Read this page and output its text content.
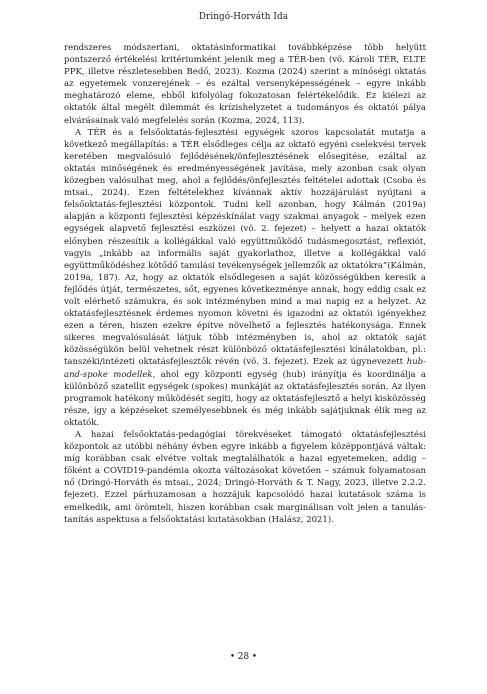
Dringó-Horváth Ida

rendszeres módszertani, oktatásinformatikai továbbképzése több helyütt pontszerző értékelési kritériumként jelenik meg a TÉR-ben (vö. Károli TÉR, ELTE PPK, illetve részletesebben Bedő, 2023). Kozma (2024) szerint a minőségi oktatás az egyetemek vonzerejének – és ezáltal versenyképességének – egyre inkább meghatározó eleme, ebből kifolyólag fokozatosan felértékelődik. Ez kiélezi az oktatók által megélt dilemmát és krízishelyzetet a tudományos és oktatói pálya elvárásainak való megfelelés során (Kozma, 2024, 113).

A TÉR és a felsőoktatás-fejlesztési egységek szoros kapcsolatát mutatja a következő megállapítás: a TÉR elsődleges célja az oktató egyéni cselekvési tervek keretében megvalósuló fejlődésének/önfejlesztésének elősegítése, ezáltal az oktatás minőségének és eredményességének javítása, mely azonban csak olyan közegben valósulhat meg, ahol a fejlődés/önfejlesztés feltételei adottak (Csoba és mtsai., 2024). Ezen feltételekhez kívánnak aktív hozzájárulást nyújtani a felsőoktatás-fejlesztési központok. Tudni kell azonban, hogy Kálmán (2019a) alapján a központi fejlesztési képzéskínálat vagy szakmai anyagok – melyek ezen egységek alapvető fejlesztési eszközei (vö. 2. fejezet) – helyett a hazai oktatók előnyben részesítik a kollégákkal való együttműködő tudásmegosztást, reflexiót, vagyis „inkább az informális saját gyakorlathoz, illetve a kollégákkal való együttműködéshez kötődő tanulási tevékenységek jellemzők az oktatókra”(Kálmán, 2019a, 187). Az, hogy az oktatók elsődlegesen a saját közösségükben keresik a fejlődés útját, természetes, sőt, egyenes következménye annak, hogy eddig csak ez volt elérhető számukra, és sok intézményben mind a mai napig ez a helyzet. Az oktatásfejlesztésnek érdemes nyomon követni és igazodni az oktatói igényekhez ezen a téren, hiszen ezekre építve növelhető a fejlesztés hatékonysága. Ennek sikeres megvalósulását látjuk több intézményben is, ahol az oktatók saját közösségükön belül vehetnek részt különböző oktatásfejlesztési kínálatokban, pl.: tanszéki/intézeti oktatásfejlesztők révén (vö. 3. fejezet). Ezek az úgynevezett hub-and-spoke modellek, ahol egy központi egység (hub) irányítja és koordinálja a különböző szatellit egységek (spokes) munkáját az oktatásfejlesztés során. Az ilyen programok hatékony működését segíti, hogy az oktatásfejlesztő a helyi kisközösség része, így a képzéseket személyesebbnek és még inkább sajátjuknak élik meg az oktatók.

A hazai felsőoktatás-pedagógiai törekvéseket támogató oktatásfejlesztési központok az utóbbi néhány évben egyre inkább a figyelem középpontjává váltak: míg korábban csak elvétve voltak megtalálhatók a hazai egyetemeken, addig – főként a COVID19-pandémia okozta változásokat követően – számuk folyamatosan nő (Dringó-Horváth és mtsai., 2024; Dringó-Horváth & T. Nagy, 2023, illetve 2.2.2. fejezet). Ezzel párhuzamosan a hozzájuk kapcsolódó hazai kutatások száma is emelkedik, ami örömteli, hiszen korábban csak marginálisan volt jelen a tanulás-tanítás aspektusa a felsőoktatási kutatásokban (Halász, 2021).

• 28 •
